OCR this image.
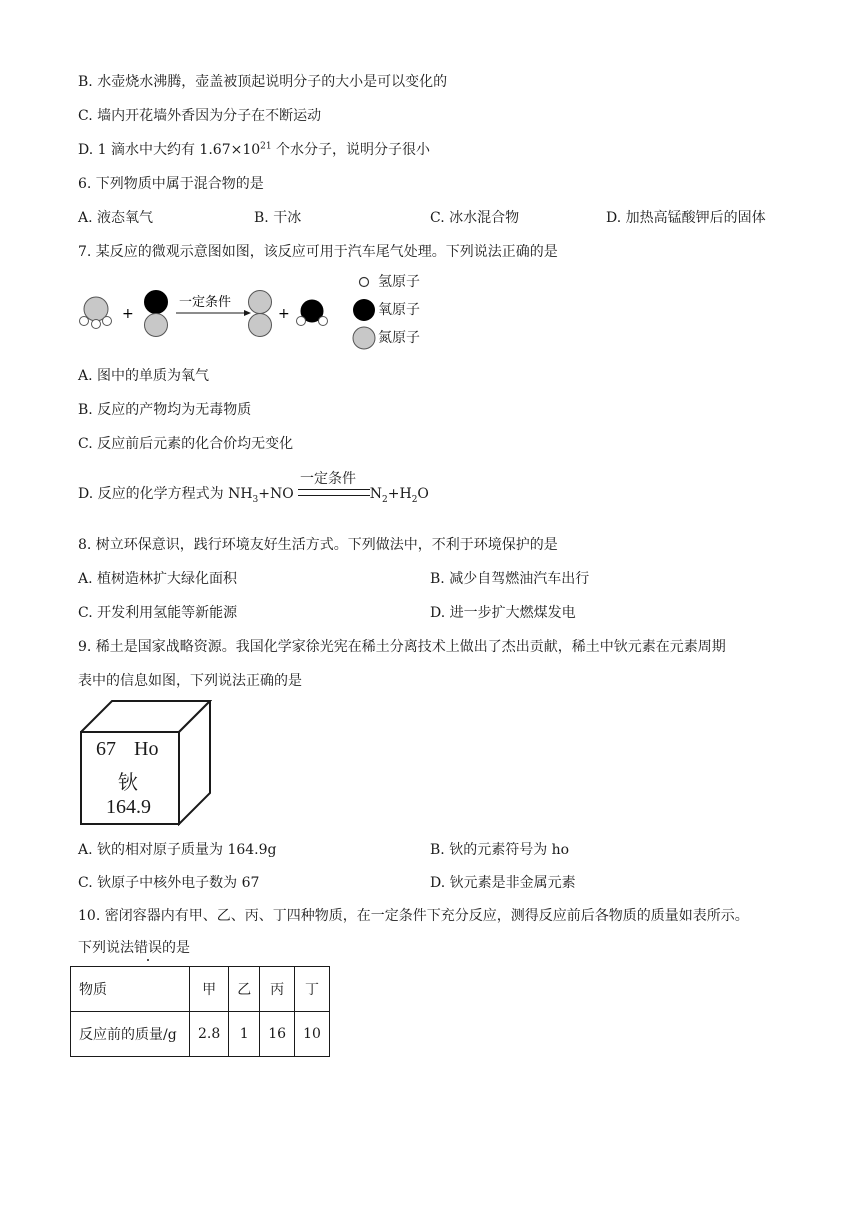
B. 水壶烧水沸腾，壶盖被顶起说明分子的大小是可以变化的
C. 墙内开花墙外香因为分子在不断运动
D. 1 滴水中大约有 $1.67\times 10^{21}$ 个水分子，说明分子很小
6. 下列物质中属于混合物的是
A. 液态氧气	B. 干冰	C. 冰水混合物	D. 加热高锰酸钾后的固体
7. 某反应的微观示意图如图，该反应可用于汽车尾气处理。下列说法正确的是
+
一定条件
+
氢原子
氧原子
氮原子
A. 图中的单质为氧气
B. 反应的产物均为无毒物质
C. 反应前后元素的化合价均无变化
D. 反应的化学方程式为 $NH_3+NO$	$N_2+H_2O$
一定条件
8. 树立环保意识，践行环境友好生活方式。下列做法中，不利于环境保护的是
A. 植树造林扩大绿化面积	B. 减少自驾燃油汽车出行
C. 开发利用氢能等新能源	D. 进一步扩大燃煤发电
9. 稀土是国家战略资源。我国化学家徐光宪在稀土分离技术上做出了杰出贡献，稀土中钬元素在元素周期
表中的信息如图，下列说法正确的是
67 Ho
钬
164.9
A. 钬的相对原子质量为 164.9g	B. 钬的元素符号为 ho
C. 钬原子中核外电子数为 67	D. 钬元素是非金属元素
10. 密闭容器内有甲、乙、丙、丁四种物质，在一定条件下充分反应，测得反应前后各物质的质量如表所示。
下列说法错误的是
物质	甲	乙	丙	丁
反应前的质量/g	2.8	1	16	10
